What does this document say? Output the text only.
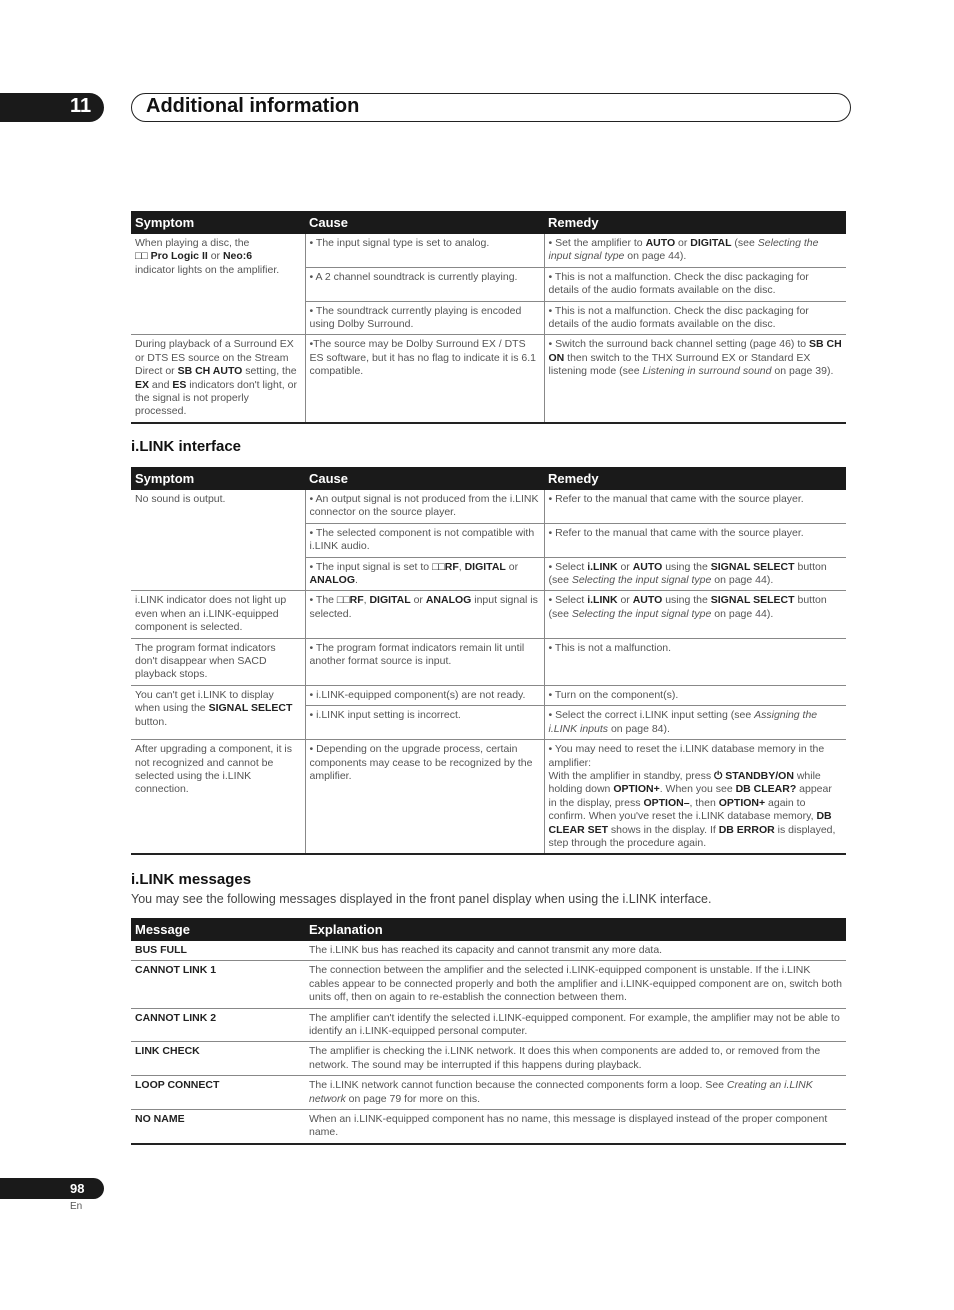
11	Additional information
Symptom	Cause	Remedy
When playing a disc, the
□□ Pro Logic II or Neo:6
indicator lights on the amplifier.	• The input signal type is set to analog.	• Set the amplifier to AUTO or DIGITAL (see Selecting the input signal type on page 44).
	• A 2 channel soundtrack is currently playing.	• This is not a malfunction. Check the disc packaging for details of the audio formats available on the disc.
	• The soundtrack currently playing is encoded using Dolby Surround.	• This is not a malfunction. Check the disc packaging for details of the audio formats available on the disc.
During playback of a Surround EX or DTS ES source on the Stream Direct or SB CH AUTO setting, the EX and ES indicators don't light, or the signal is not properly processed.	•The source may be Dolby Surround EX / DTS ES software, but it has no flag to indicate it is 6.1 compatible.	• Switch the surround back channel setting (page 46) to SB CH ON then switch to the THX Surround EX or Standard EX listening mode (see Listening in surround sound on page 39).
i.LINK interface
Symptom	Cause	Remedy
No sound is output.	• An output signal is not produced from the i.LINK connector on the source player.	• Refer to the manual that came with the source player.
	• The selected component is not compatible with i.LINK audio.	• Refer to the manual that came with the source player.
	• The input signal is set to □□RF, DIGITAL or ANALOG.	• Select i.LINK or AUTO using the SIGNAL SELECT button (see Selecting the input signal type on page 44).
i.LINK indicator does not light up even when an i.LINK-equipped component is selected.	• The □□RF, DIGITAL or ANALOG input signal is selected.	• Select i.LINK or AUTO using the SIGNAL SELECT button (see Selecting the input signal type on page 44).
The program format indicators don't disappear when SACD playback stops.	• The program format indicators remain lit until another format source is input.	• This is not a malfunction.
You can't get i.LINK to display when using the SIGNAL SELECT button.	• i.LINK-equipped component(s) are not ready.	• Turn on the component(s).
	• i.LINK input setting is incorrect.	• Select the correct i.LINK input setting (see Assigning the i.LINK inputs on page 84).
After upgrading a component, it is not recognized and cannot be selected using the i.LINK connection.	• Depending on the upgrade process, certain components may cease to be recognized by the amplifier.	• You may need to reset the i.LINK database memory in the amplifier:
With the amplifier in standby, press ⏻ STANDBY/ON while holding down OPTION+. When you see DB CLEAR? appear in the display, press OPTION–, then OPTION+ again to confirm. When you've reset the i.LINK database memory, DB CLEAR SET shows in the display. If DB ERROR is displayed, step through the procedure again.
i.LINK messages
You may see the following messages displayed in the front panel display when using the i.LINK interface.
Message	Explanation
BUS FULL	The i.LINK bus has reached its capacity and cannot transmit any more data.
CANNOT LINK 1	The connection between the amplifier and the selected i.LINK-equipped component is unstable. If the i.LINK cables appear to be connected properly and both the amplifier and i.LINK-equipped component are on, switch both units off, then on again to re-establish the connection between them.
CANNOT LINK 2	The amplifier can't identify the selected i.LINK-equipped component. For example, the amplifier may not be able to identify an i.LINK-equipped personal computer.
LINK CHECK	The amplifier is checking the i.LINK network. It does this when components are added to, or removed from the network. The sound may be interrupted if this happens during playback.
LOOP CONNECT	The i.LINK network cannot function because the connected components form a loop. See Creating an i.LINK network on page 79 for more on this.
NO NAME	When an i.LINK-equipped component has no name, this message is displayed instead of the proper component name.
98
En
